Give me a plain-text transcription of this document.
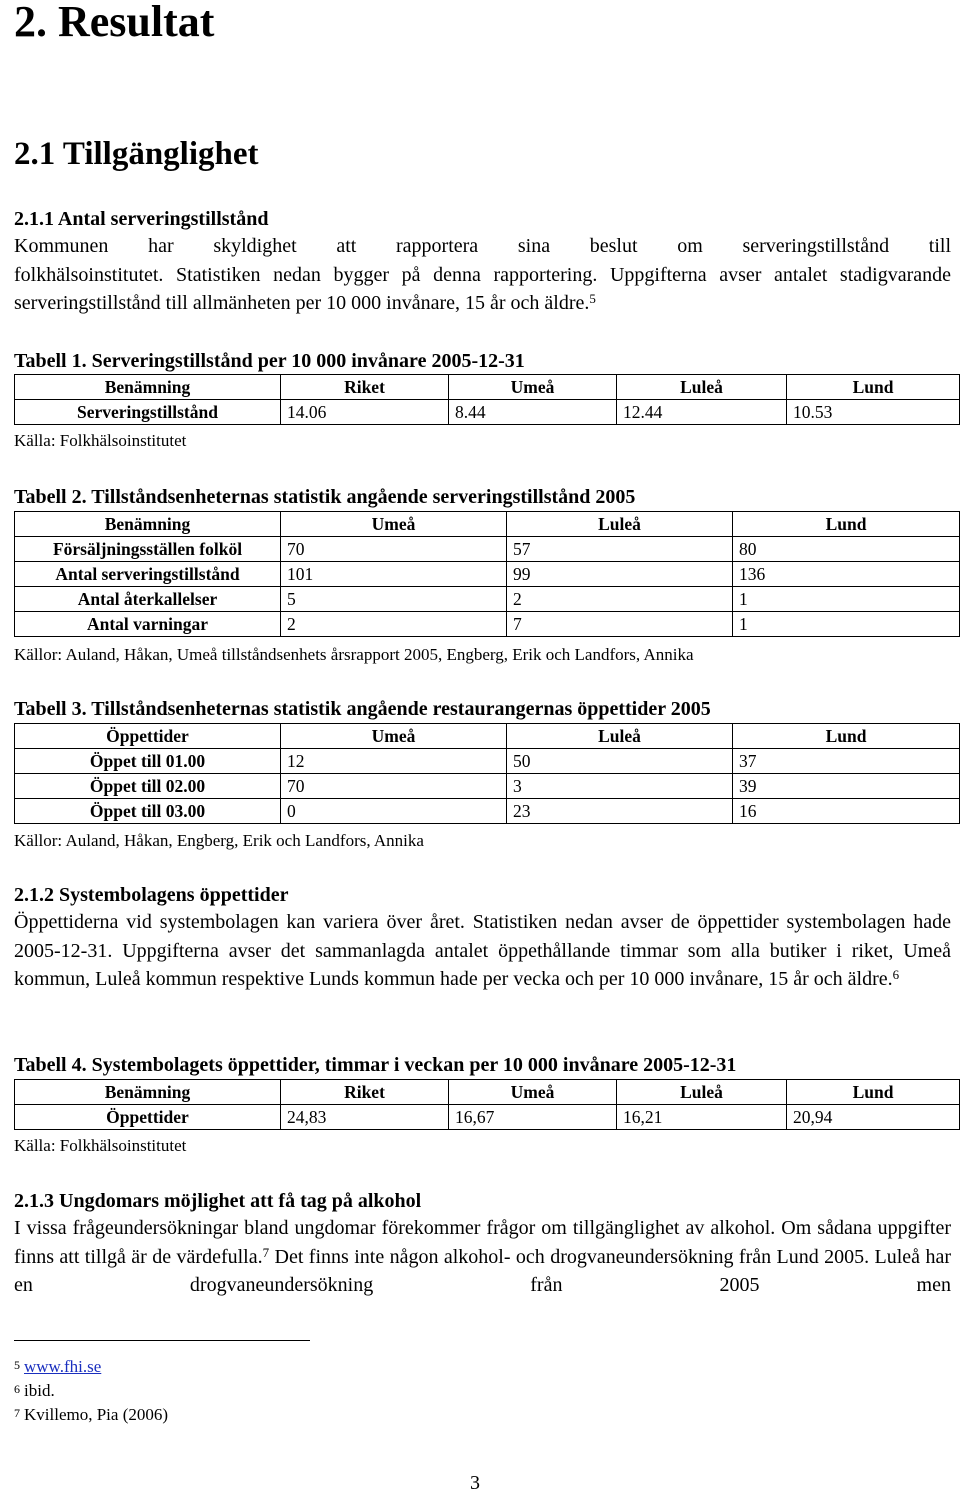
2. Resultat
2.1 Tillgänglighet
2.1.1 Antal serveringstillstånd

Kommunen har skyldighet att rapportera sina beslut om serveringstillstånd till

folkhälsoinstitutet. Statistiken nedan bygger på denna rapportering. Uppgifterna avser antalet stadigvarande serveringstillstånd till allmänheten per 10 000 invånare, 15 år och äldre.$^5$

Tabell 1. Serveringstillstånd per 10 000 invånare 2005-12-31
Benämning	Riket	Umeå	Luleå	Lund
Serveringstillstånd	14.06	8.44	12.44	10.53
Källa: Folkhälsoinstitutet
Tabell 2. Tillståndsenheternas statistik angående serveringstillstånd 2005
Benämning	Umeå	Luleå	Lund
Försäljningsställen folköl	70	57	80
Antal serveringstillstånd	101	99	136
Antal återkallelser	5	2	1
Antal varningar	2	7	1
Källor: Auland, Håkan, Umeå tillståndsenhets årsrapport 2005, Engberg, Erik och Landfors, Annika
Tabell 3. Tillståndsenheternas statistik angående restaurangernas öppettider 2005
Öppettider	Umeå	Luleå	Lund
Öppet till 01.00	12	50	37
Öppet till 02.00	70	3	39
Öppet till 03.00	0	23	16
Källor: Auland, Håkan, Engberg, Erik och Landfors, Annika
2.1.2 Systembolagens öppettider

Öppettiderna vid systembolagen kan variera över året. Statistiken nedan avser de öppettider systembolagen hade 2005-12-31. Uppgifterna avser det sammanlagda antalet öppethållande timmar som alla butiker i riket, Umeå kommun, Luleå kommun respektive Lunds kommun hade per vecka och per 10 000 invånare, 15 år och äldre.$^6$

Tabell 4. Systembolagets öppettider, timmar i veckan per 10 000 invånare 2005-12-31
Benämning	Riket	Umeå	Luleå	Lund
Öppettider	24,83	16,67	16,21	20,94
Källa: Folkhälsoinstitutet
2.1.3 Ungdomars möjlighet att få tag på alkohol

I vissa frågeundersökningar bland ungdomar förekommer frågor om tillgänglighet av alkohol. Om sådana uppgifter finns att tillgå är de värdefulla.$^7$ Det finns inte någon alkohol- och drogvaneundersökning från Lund 2005. Luleå har en drogvaneundersökning från 2005 men

$^5$ www.fhi.se
$^6$ ibid.
$^7$ Kvillemo, Pia (2006)
3
